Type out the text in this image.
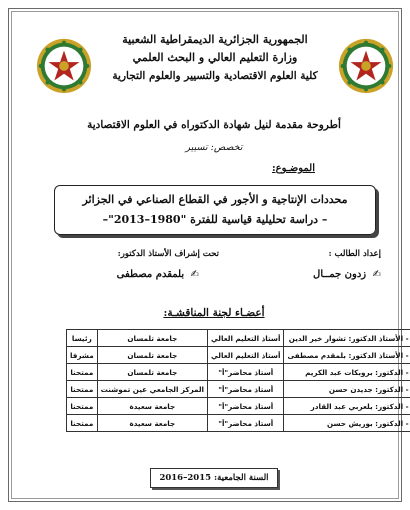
الجمهورية الجزائرية الديمقراطية الشعبية
وزارة التعليم العالي و البحث العلمي
كلية العلوم الاقتصادية والتسيير والعلوم التجارية
أطروحة مقدمة لنيل شهادة الدكتوراه في العلوم الاقتصادية
تخصص: تسيير
الموضـوع:
محددات الإنتاجية و الأجور في القطاع الصناعي في الجزائر
– دراسة تحليلية قياسية للفترة "1980–2013"–
تحت إشراف الأستاذ الدكتور:	إعداد الطالب :
✍ بلمقدم مصطفى	✍ زدون جمــال
أعضـاء لجنة المناقشـة:
- الأستاذ الدكتور: تشوار خير الدين	أستاذ التعليم العالي	جامعة تلمسان	رئيسا
- الأستاذ الدكتور: بلمقدم مصطفى	أستاذ التعليم العالي	جامعة تلمسان	مشرفا
- الدكتور: بروبكات عبد الكريم	أستاذ محاضر"أ"	جامعة تلمسان	ممتحنا
- الدكتور: جديدن حسن	أستاذ محاضر"أ"	المركز الجامعي عين تموشنت	ممتحنا
- الدكتور: بلعربي عبد القادر	أستاذ محاضر"أ"	جامعة سعيدة	ممتحنا
- الدكتور: بوريش حسن	أستاذ محاضر"أ"	جامعة سعيدة	ممتحنا
السنة الجامعية: 2015–2016
